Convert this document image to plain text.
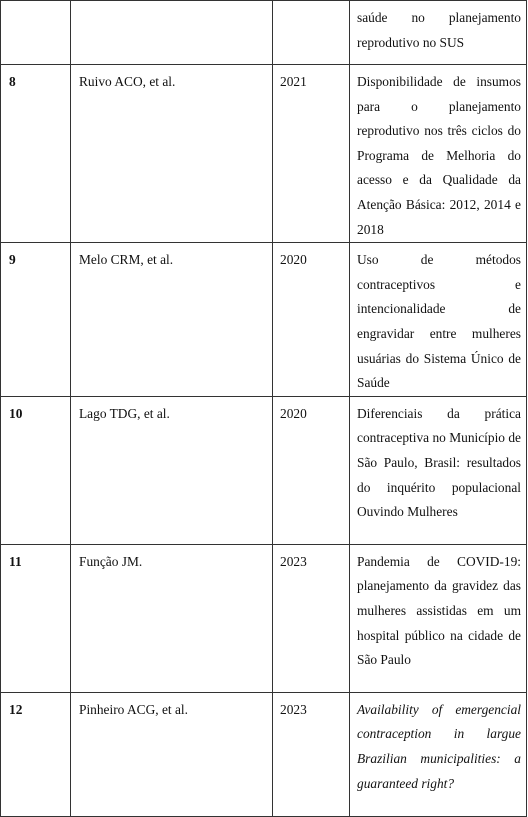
			saúde no planejamento reprodutivo no SUS
8	Ruivo ACO, et al.	2021	Disponibilidade de insumos para o planejamento reprodutivo nos três ciclos do Programa de Melhoria do acesso e da Qualidade da Atenção Básica: 2012, 2014 e 2018
9	Melo CRM, et al.	2020	Uso de métodos contraceptivos e intencionalidade de engravidar entre mulheres usuárias do Sistema Único de Saúde
10	Lago TDG, et al.	2020	Diferenciais da prática contraceptiva no Município de São Paulo, Brasil: resultados do inquérito populacional Ouvindo Mulheres
11	Função JM.	2023	Pandemia de COVID-19: planejamento da gravidez das mulheres assistidas em um hospital público na cidade de São Paulo
12	Pinheiro ACG, et al.	2023	Availability of emergencial contraception in largue Brazilian municipalities: a guaranteed right?
